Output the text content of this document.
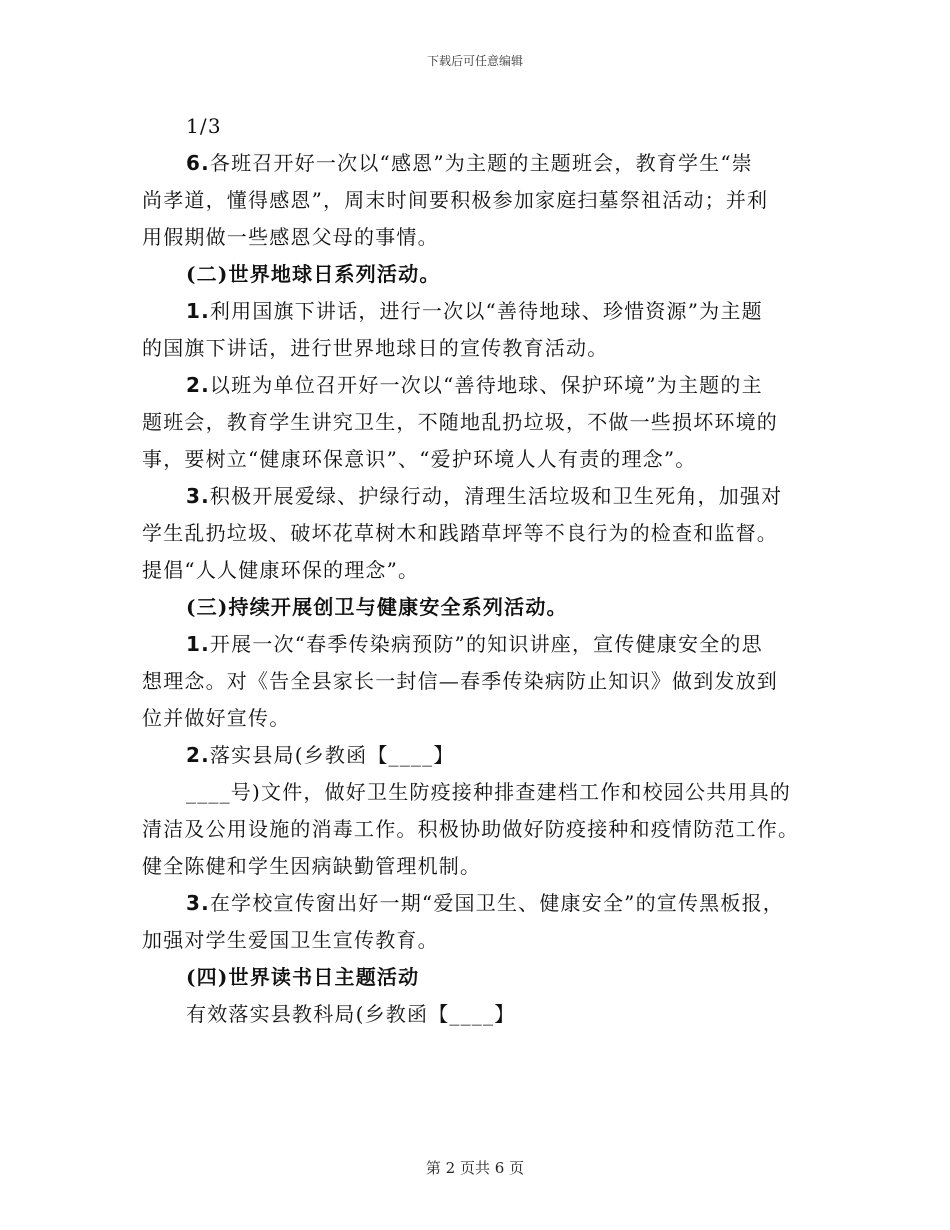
下载后可任意编辑
1/3
6.各班召开好一次以“感恩”为主题的主题班会，教育学生“崇
尚孝道，懂得感恩”，周末时间要积极参加家庭扫墓祭祖活动；并利
用假期做一些感恩父母的事情。
(二)世界地球日系列活动。
1.利用国旗下讲话，进行一次以“善待地球、珍惜资源”为主题
的国旗下讲话，进行世界地球日的宣传教育活动。
2.以班为单位召开好一次以“善待地球、保护环境”为主题的主
题班会，教育学生讲究卫生，不随地乱扔垃圾，不做一些损坏环境的
事，要树立“健康环保意识”、“爱护环境人人有责的理念”。
3.积极开展爱绿、护绿行动，清理生活垃圾和卫生死角，加强对
学生乱扔垃圾、破坏花草树木和践踏草坪等不良行为的检查和监督。
提倡“人人健康环保的理念”。
(三)持续开展创卫与健康安全系列活动。
1.开展一次“春季传染病预防”的知识讲座，宣传健康安全的思
想理念。对《告全县家长一封信—春季传染病防止知识》做到发放到
位并做好宣传。
2.落实县局(乡教函【____】
____号)文件，做好卫生防疫接种排查建档工作和校园公共用具的
清洁及公用设施的消毒工作。积极协助做好防疫接种和疫情防范工作。
健全陈健和学生因病缺勤管理机制。
3.在学校宣传窗出好一期“爱国卫生、健康安全”的宣传黑板报，
加强对学生爱国卫生宣传教育。
(四)世界读书日主题活动
有效落实县教科局(乡教函【____】
第 2 页共 6 页
